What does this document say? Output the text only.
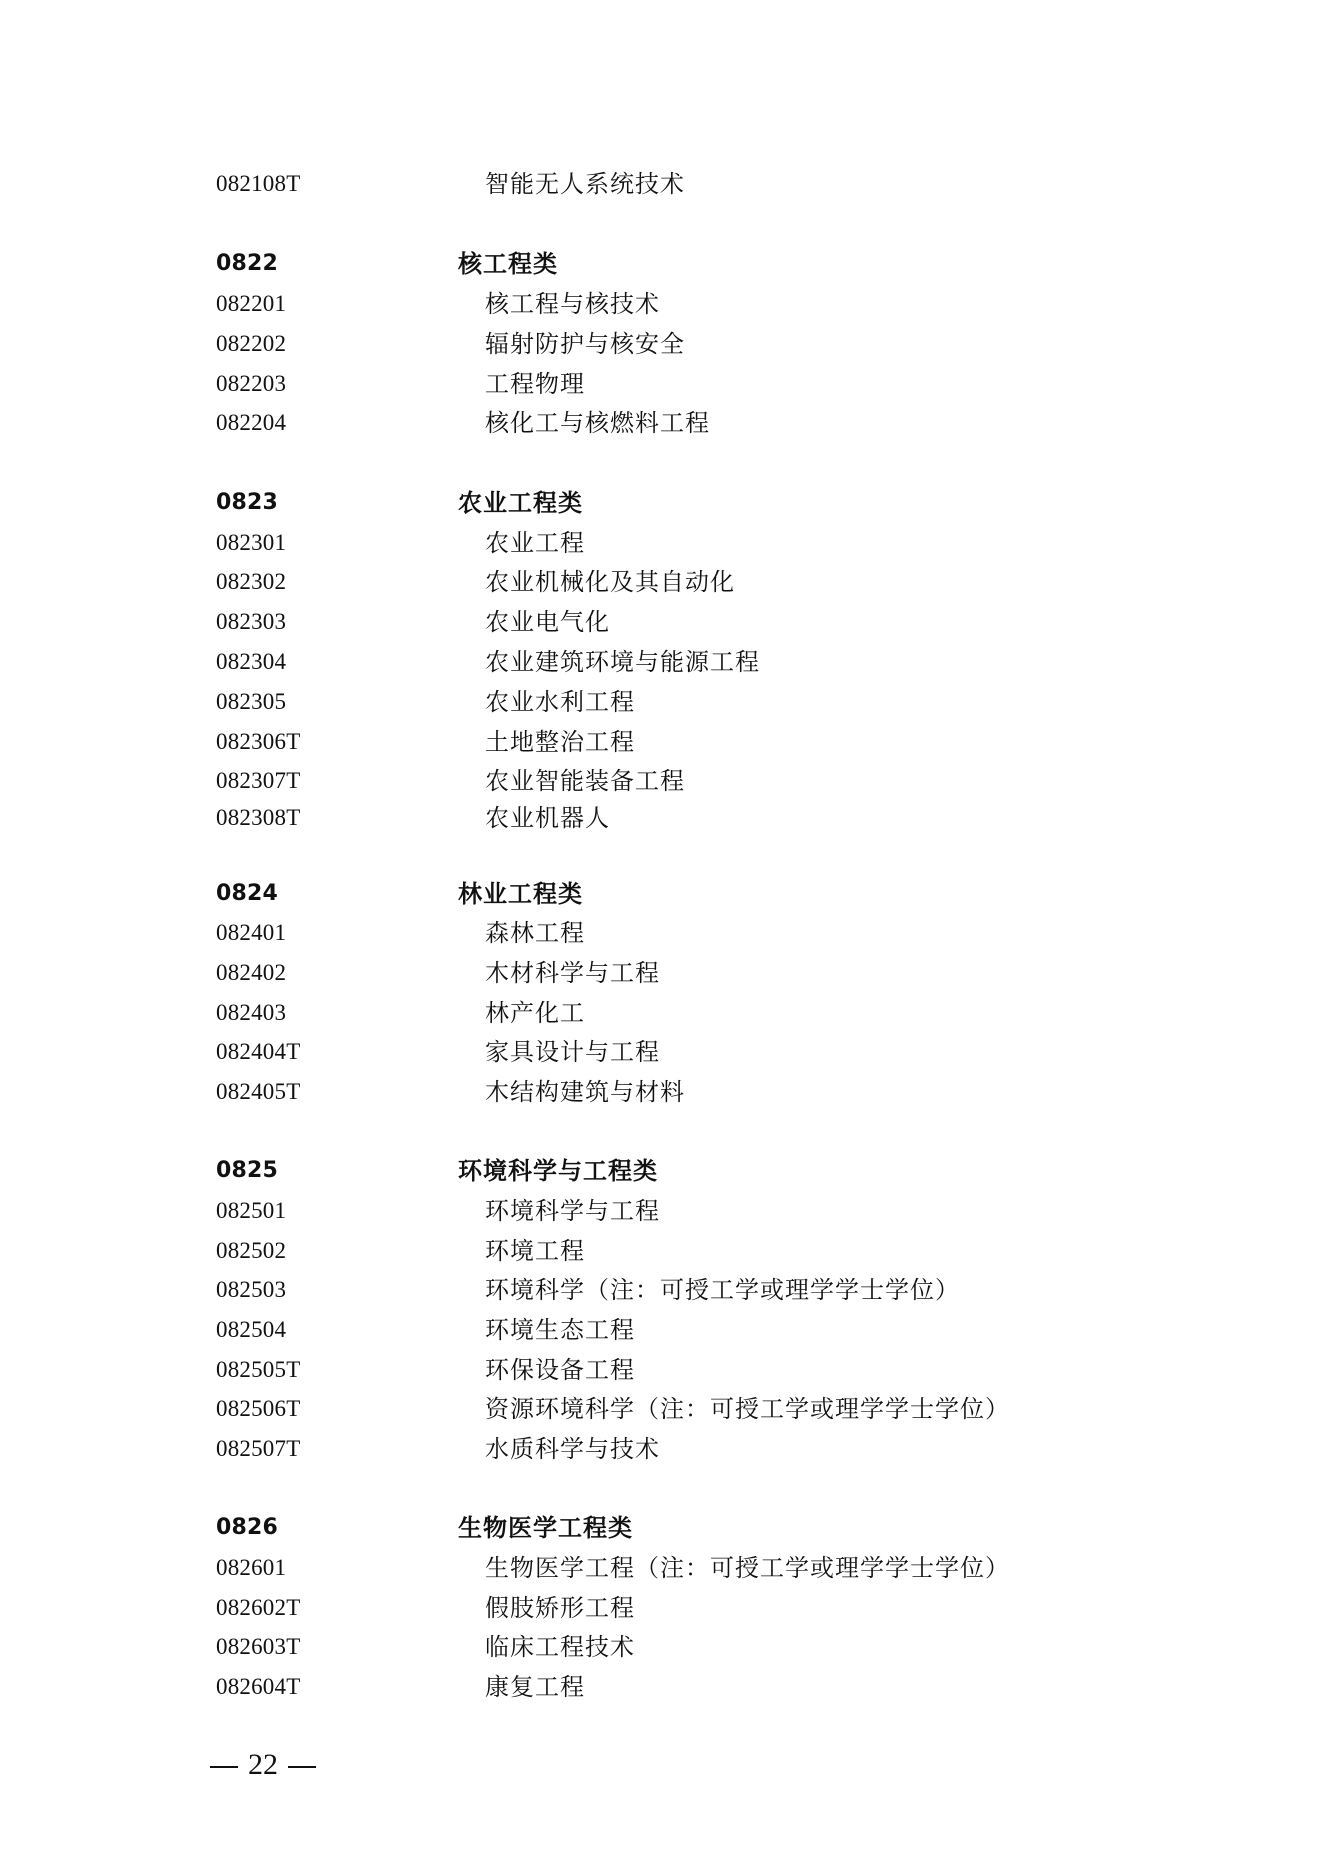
082108T	智能无人系统技术
0822	核工程类
082201	核工程与核技术
082202	辐射防护与核安全
082203	工程物理
082204	核化工与核燃料工程
0823	农业工程类
082301	农业工程
082302	农业机械化及其自动化
082303	农业电气化
082304	农业建筑环境与能源工程
082305	农业水利工程
082306T	土地整治工程
082307T	农业智能装备工程
082308T	农业机器人
0824	林业工程类
082401	森林工程
082402	木材科学与工程
082403	林产化工
082404T	家具设计与工程
082405T	木结构建筑与材料
0825	环境科学与工程类
082501	环境科学与工程
082502	环境工程
082503	环境科学（注：可授工学或理学学士学位）
082504	环境生态工程
082505T	环保设备工程
082506T	资源环境科学（注：可授工学或理学学士学位）
082507T	水质科学与技术
0826	生物医学工程类
082601	生物医学工程（注：可授工学或理学学士学位）
082602T	假肢矫形工程
082603T	临床工程技术
082604T	康复工程
22
